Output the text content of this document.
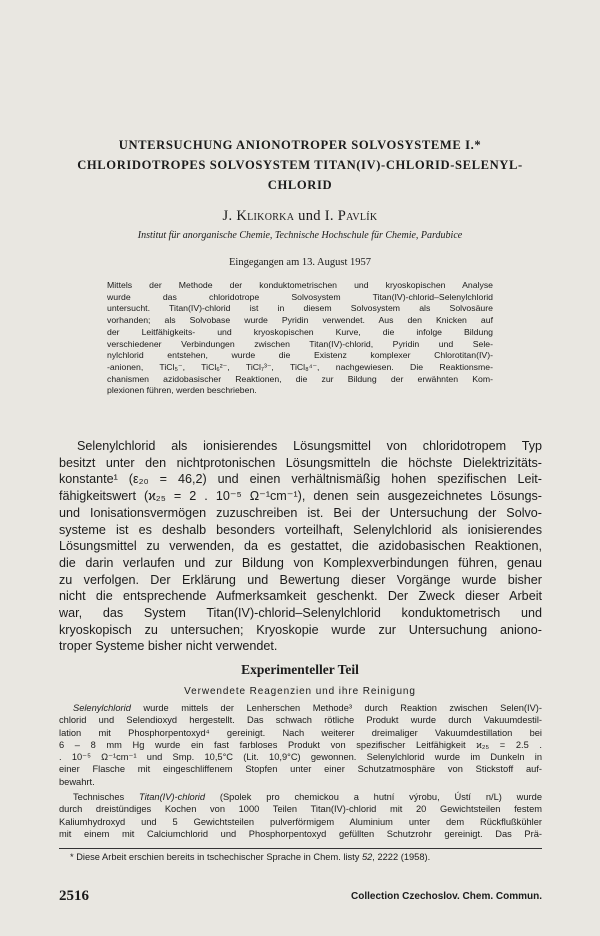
UNTERSUCHUNG ANIONOTROPER SOLVOSYSTEME I.*
CHLORIDOTROPES SOLVOSYSTEM TITAN(IV)-CHLORID-SELENYL-
CHLORID
J. Klikorka und I. Pavlík
Institut für anorganische Chemie, Technische Hochschule für Chemie, Pardubice
Eingegangen am 13. August 1957
Mittels der Methode der konduktometrischen und kryoskopischen Analyse
wurde das chloridotrope Solvosystem Titan(IV)-chlorid–Selenylchlorid
untersucht. Titan(IV)-chlorid ist in diesem Solvosystem als Solvosäure
vorhanden; als Solvobase wurde Pyridin verwendet. Aus den Knicken auf
der Leitfähigkeits- und kryoskopischen Kurve, die infolge Bildung
verschiedener Verbindungen zwischen Titan(IV)-chlorid, Pyridin und Sele-
nylchlorid entstehen, wurde die Existenz komplexer Chlorotitan(IV)-
-anionen, TiCl₅⁻, TiCl₆²⁻, TiCl₇³⁻, TiCl₈⁴⁻, nachgewiesen. Die Reaktionsme-
chanismen azidobasischer Reaktionen, die zur Bildung der erwähnten Kom-
plexionen führen, werden beschrieben.
Selenylchlorid als ionisierendes Lösungsmittel von chloridotropem Typ
besitzt unter den nichtprotonischen Lösungsmitteln die höchste Dielektrizitäts-
konstante¹ (ε₂₀ = 46,2) und einen verhältnismäßig hohen spezifischen Leit-
fähigkeitswert (ϰ₂₅ = 2 . 10⁻⁵ Ω⁻¹cm⁻¹), denen sein ausgezeichnetes Lösungs-
und Ionisationsvermögen zuzuschreiben ist. Bei der Untersuchung der Solvo-
systeme ist es deshalb besonders vorteilhaft, Selenylchlorid als ionisierendes
Lösungsmittel zu verwenden, da es gestattet, die azidobasischen Reaktionen,
die darin verlaufen und zur Bildung von Komplexverbindungen führen, genau
zu verfolgen. Der Erklärung und Bewertung dieser Vorgänge wurde bisher
nicht die entsprechende Aufmerksamkeit geschenkt. Der Zweck dieser Arbeit
war, das System Titan(IV)-chlorid–Selenylchlorid konduktometrisch und
kryoskopisch zu untersuchen; Kryoskopie wurde zur Untersuchung aniono-
troper Systeme bisher nicht verwendet.
Experimenteller Teil
Verwendete Reagenzien und ihre Reinigung
Selenylchlorid wurde mittels der Lenherschen Methode³ durch Reaktion zwischen Selen(IV)-
chlorid und Selendioxyd hergestellt. Das schwach rötliche Produkt wurde durch Vakuumdestil-
lation mit Phosphorpentoxyd⁴ gereinigt. Nach weiterer dreimaliger Vakuumdestillation bei
6 – 8 mm Hg wurde ein fast farbloses Produkt von spezifischer Leitfähigkeit ϰ₂₅ = 2.5 .
. 10⁻⁵ Ω⁻¹cm⁻¹ und Smp. 10,5°C (Lit. 10,9°C) gewonnen. Selenylchlorid wurde im Dunkeln in
einer Flasche mit eingeschliffenem Stopfen unter einer Schutzatmosphäre von Stickstoff auf-
bewahrt.
Technisches Titan(IV)-chlorid (Spolek pro chemickou a hutní výrobu, Ústí n/L) wurde
durch dreistündiges Kochen von 1000 Teilen Titan(IV)-chlorid mit 20 Gewichtsteilen festem
Kaliumhydroxyd und 5 Gewichtsteilen pulverförmigem Aluminium unter dem Rückflußkühler
mit einem mit Calciumchlorid und Phosphorpentoxyd gefüllten Schutzrohr gereinigt. Das Prä-
* Diese Arbeit erschien bereits in tschechischer Sprache in Chem. listy 52, 2222 (1958).
2516	Collection Czechoslov. Chem. Commun.
